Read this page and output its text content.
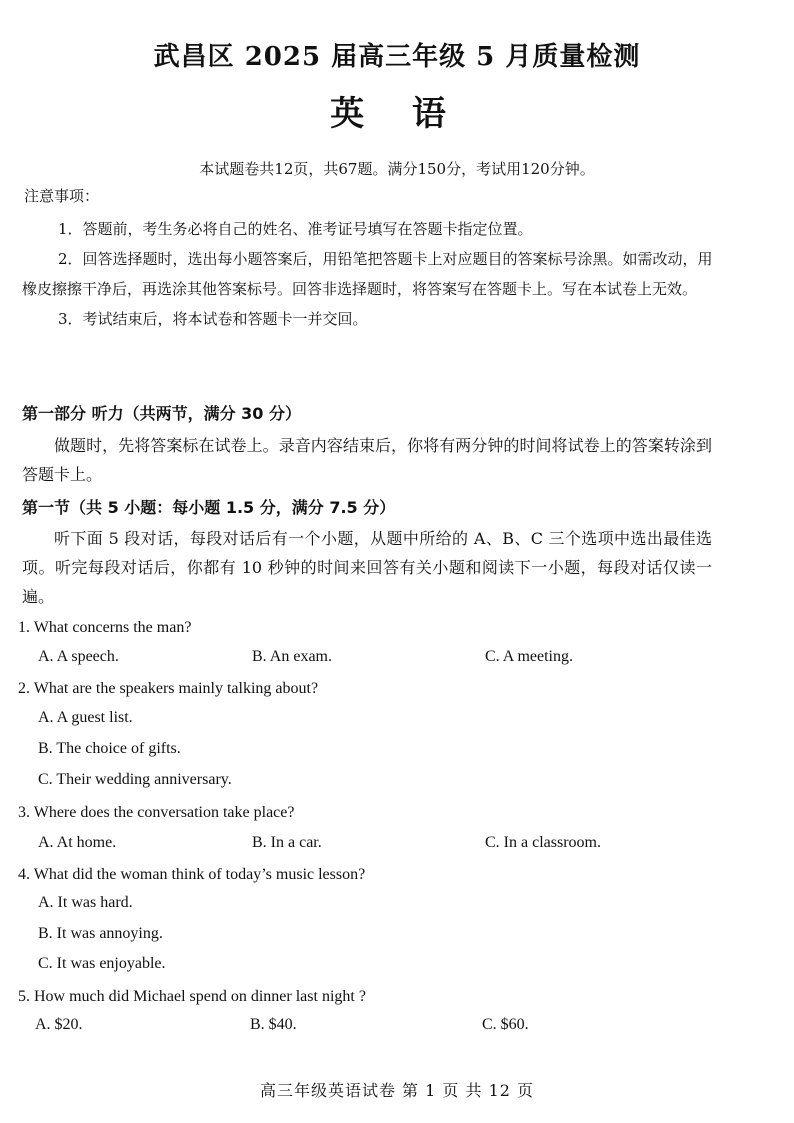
武昌区 2025 届高三年级 5 月质量检测
英 语
本试题卷共12页，共67题。满分150分，考试用120分钟。
注意事项：
1．答题前，考生务必将自己的姓名、准考证号填写在答题卡指定位置。
2．回答选择题时，选出每小题答案后，用铅笔把答题卡上对应题目的答案标号涂黑。如需改动，用橡皮擦擦干净后，再选涂其他答案标号。回答非选择题时，将答案写在答题卡上。写在本试卷上无效。
3．考试结束后，将本试卷和答题卡一并交回。
第一部分 听力（共两节，满分 30 分）
做题时，先将答案标在试卷上。录音内容结束后，你将有两分钟的时间将试卷上的答案转涂到答题卡上。
第一节（共 5 小题：每小题 1.5 分，满分 7.5 分）
听下面 5 段对话，每段对话后有一个小题，从题中所给的 A、B、C 三个选项中选出最佳选项。听完每段对话后，你都有 10 秒钟的时间来回答有关小题和阅读下一小题，每段对话仅读一遍。
1. What concerns the man?
A. A speech.	B. An exam.	C. A meeting.
2. What are the speakers mainly talking about?
A. A guest list.
B. The choice of gifts.
C. Their wedding anniversary.
3. Where does the conversation take place?
A. At home.	B. In a car.	C. In a classroom.
4. What did the woman think of today’s music lesson?
A. It was hard.
B. It was annoying.
C. It was enjoyable.
5. How much did Michael spend on dinner last night ?
A. $20.	B. $40.	C. $60.
高三年级英语试卷 第 1 页 共 12 页
